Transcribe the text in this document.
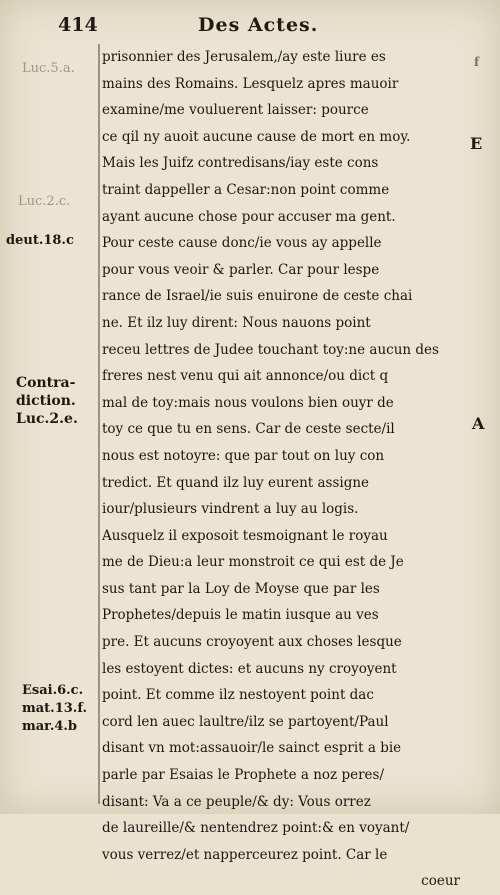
414	Des Actes.
prisonnier des Jerusalem,/ay este liure es
mains des Romains. Lesquelz apres mauoir
examine/me vouluerent laisser: pource
ce qil ny auoit aucune cause de mort en moy.
Mais les Juifz contredisans/iay este cons
traint dappeller a Cesar:non point comme
ayant aucune chose pour accuser ma gent.
Pour ceste cause donc/ie vous ay appelle
pour vous veoir & parler. Car pour lespe
rance de Israel/ie suis enuirone de ceste chai
ne. Et ilz luy dirent: Nous nauons point
receu lettres de Judee touchant toy:ne aucun des
freres nest venu qui ait annonce/ou dict q
mal de toy:mais nous voulons bien ouyr de
toy ce que tu en sens. Car de ceste secte/il
nous est notoyre: que par tout on luy con
tredict. Et quand ilz luy eurent assigne
iour/plusieurs vindrent a luy au logis.
Ausquelz il exposoit tesmoignant le royau
me de Dieu:a leur monstroit ce qui est de Je
sus tant par la Loy de Moyse que par les
Prophetes/depuis le matin iusque au ves
pre. Et aucuns croyoyent aux choses lesque
les estoyent dictes: et aucuns ny croyoyent
point. Et comme ilz nestoyent point dac
cord len auec laultre/ilz se partoyent/Paul
disant vn mot:assauoir/le sainct esprit a bie
parle par Esaias le Prophete a noz peres/
disant: Va a ce peuple/& dy: Vous orrez
de laureille/& nentendrez point:& en voyant/
vous verrez/et napperceurez point. Car le
coeur
Luc.5.a.
Luc.2.c.
deut.18.c
Contra-
diction.
Luc.2.e.
Esai.6.c.
mat.13.f.
mar.4.b
E
A
f
